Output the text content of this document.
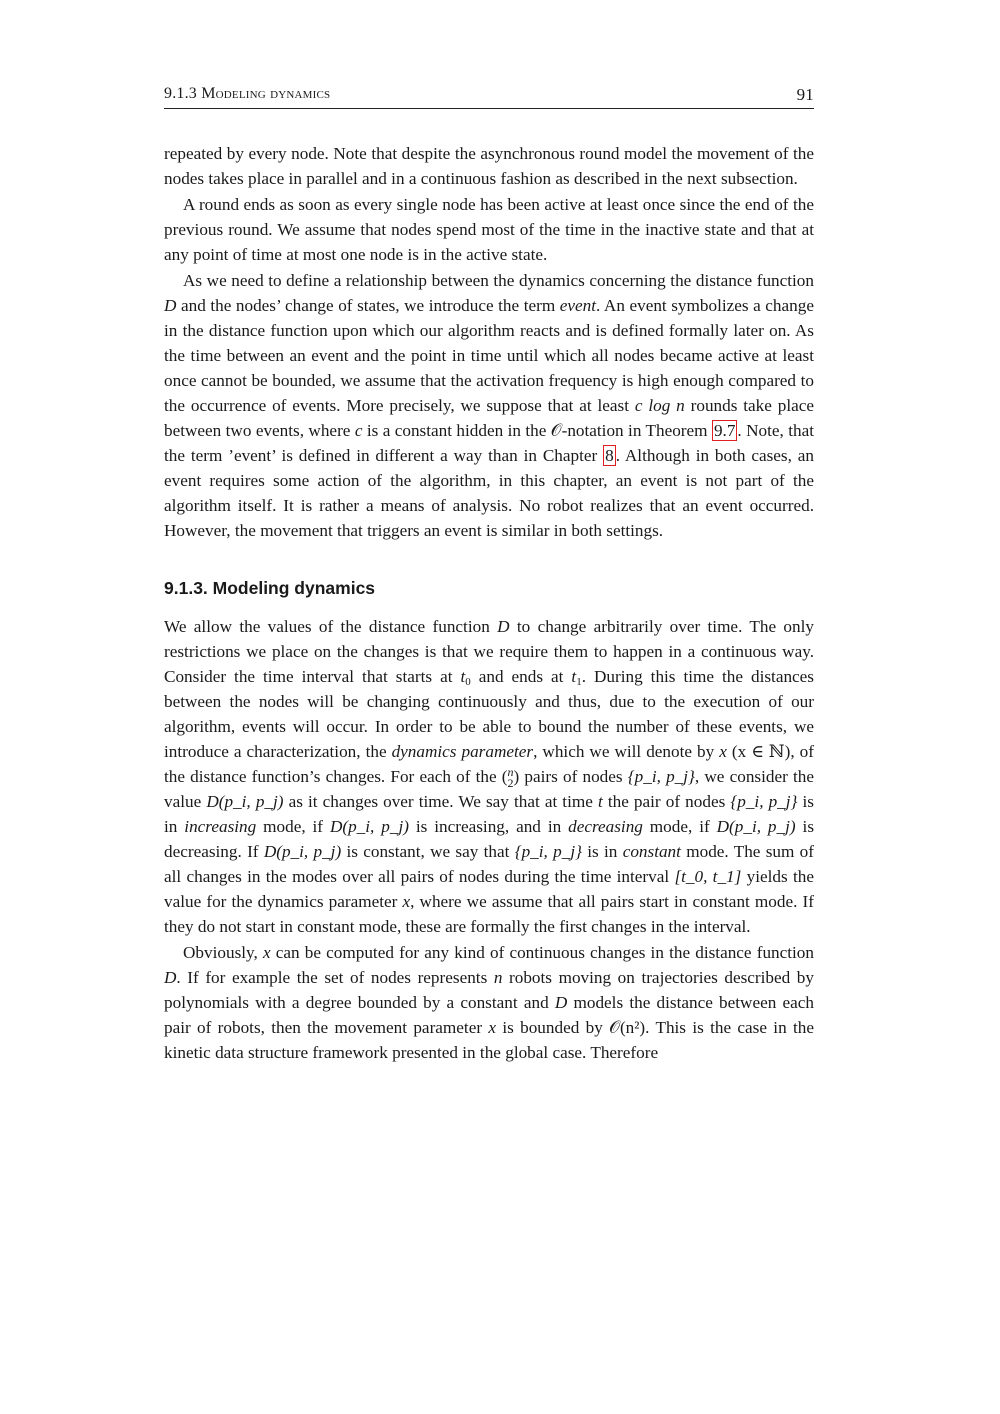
9.1.3 Modeling dynamics	91

repeated by every node. Note that despite the asynchronous round model the movement of the nodes takes place in parallel and in a continuous fashion as described in the next subsection.

A round ends as soon as every single node has been active at least once since the end of the previous round. We assume that nodes spend most of the time in the inactive state and that at any point of time at most one node is in the active state.

As we need to define a relationship between the dynamics concerning the distance function D and the nodes’ change of states, we introduce the term event. An event symbolizes a change in the distance function upon which our algorithm reacts and is defined formally later on. As the time between an event and the point in time until which all nodes became active at least once cannot be bounded, we assume that the activation frequency is high enough compared to the occurrence of events. More precisely, we suppose that at least c log n rounds take place between two events, where c is a constant hidden in the 𝒪-notation in Theorem 9.7 . Note, that the term ’event’ is defined in different a way than in Chapter 8 . Although in both cases, an event requires some action of the algorithm, in this chapter, an event is not part of the algorithm itself. It is rather a means of analysis. No robot realizes that an event occurred. However, the movement that triggers an event is similar in both settings.

9.1.3. Modeling dynamics

We allow the values of the distance function D to change arbitrarily over time. The only restrictions we place on the changes is that we require them to happen in a continuous way. Consider the time interval that starts at $t_0$ and ends at $t_1$. During this time the distances between the nodes will be changing continuously and thus, due to the execution of our algorithm, events will occur. In order to be able to bound the number of these events, we introduce a characterization, the dynamics parameter, which we will denote by x (x ∈ ℕ), of the distance function’s changes. For each of the (n
2) pairs of nodes {p_i, p_j}, we consider the value D(p_i, p_j) as it changes over time. We say that at time t the pair of nodes {p_i, p_j} is in increasing mode, if D(p_i, p_j) is increasing, and in decreasing mode, if D(p_i, p_j) is decreasing. If D(p_i, p_j) is constant, we say that {p_i, p_j} is in constant mode. The sum of all changes in the modes over all pairs of nodes during the time interval [t_0, t_1] yields the value for the dynamics parameter x, where we assume that all pairs start in constant mode. If they do not start in constant mode, these are formally the first changes in the interval.

Obviously, x can be computed for any kind of continuous changes in the distance function D. If for example the set of nodes represents n robots moving on trajectories described by polynomials with a degree bounded by a constant and D models the distance between each pair of robots, then the movement parameter x is bounded by 𝒪(n²). This is the case in the kinetic data structure framework presented in the global case. Therefore
